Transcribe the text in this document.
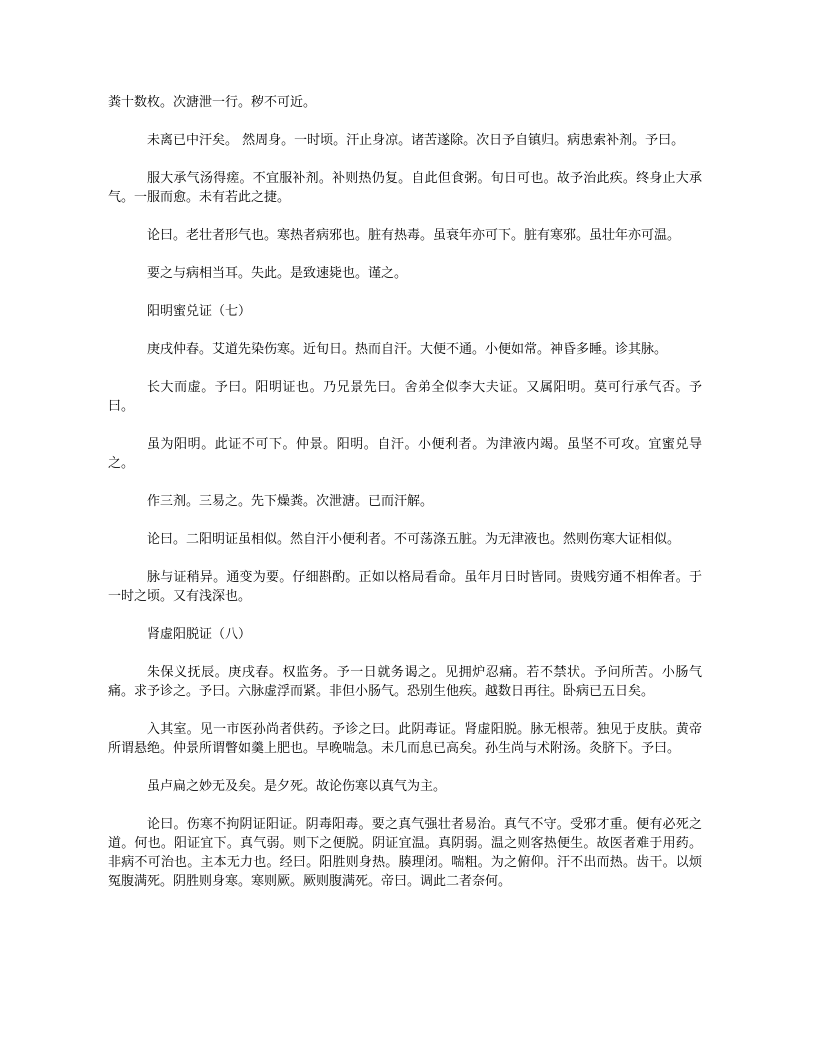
粪十数枚。次溏泄一行。秽不可近。

未离已中汗矣。 然周身。一时顷。汗止身凉。诸苦遂除。次日予自镇归。病患索补剂。予曰。

服大承气汤得瘥。不宜服补剂。补则热仍复。自此但食粥。旬日可也。故予治此疾。终身止大承气。一服而愈。未有若此之捷。

论曰。老壮者形气也。寒热者病邪也。脏有热毒。虽衰年亦可下。脏有寒邪。虽壮年亦可温。

要之与病相当耳。失此。是致速毙也。谨之。

阳明蜜兑证（七）

庚戌仲春。艾道先染伤寒。近旬日。热而自汗。大便不通。小便如常。神昏多睡。诊其脉。

长大而虚。予曰。阳明证也。乃兄景先曰。舍弟全似李大夫证。又属阳明。莫可行承气否。予曰。

虽为阳明。此证不可下。仲景。阳明。自汗。小便利者。为津液内竭。虽坚不可攻。宜蜜兑导之。

作三剂。三易之。先下燥粪。次泄溏。已而汗解。

论曰。二阳明证虽相似。然自汗小便利者。不可荡涤五脏。为无津液也。然则伤寒大证相似。

脉与证稍异。通变为要。仔细斟酌。正如以格局看命。虽年月日时皆同。贵贱穷通不相侔者。于一时之顷。又有浅深也。

肾虚阳脱证（八）

朱保义抚辰。庚戌春。权监务。予一日就务谒之。见拥炉忍痛。若不禁状。予问所苦。小肠气痛。求予诊之。予曰。六脉虚浮而紧。非但小肠气。恐别生他疾。越数日再往。卧病已五日矣。

入其室。见一市医孙尚者供药。予诊之曰。此阴毒证。肾虚阳脱。脉无根蒂。独见于皮肤。黄帝所谓悬绝。仲景所谓瞥如羹上肥也。早晚喘急。未几而息已高矣。孙生尚与术附汤。灸脐下。予曰。

虽卢扁之妙无及矣。是夕死。故论伤寒以真气为主。

论曰。伤寒不拘阴证阳证。阴毒阳毒。要之真气强壮者易治。真气不守。受邪才重。便有必死之道。何也。阳证宜下。真气弱。则下之便脱。阴证宜温。真阴弱。温之则客热便生。故医者难于用药。非病不可治也。主本无力也。经曰。阳胜则身热。腠理闭。喘粗。为之俯仰。汗不出而热。齿干。以烦冤腹满死。阴胜则身寒。寒则厥。厥则腹满死。帝曰。调此二者奈何。
